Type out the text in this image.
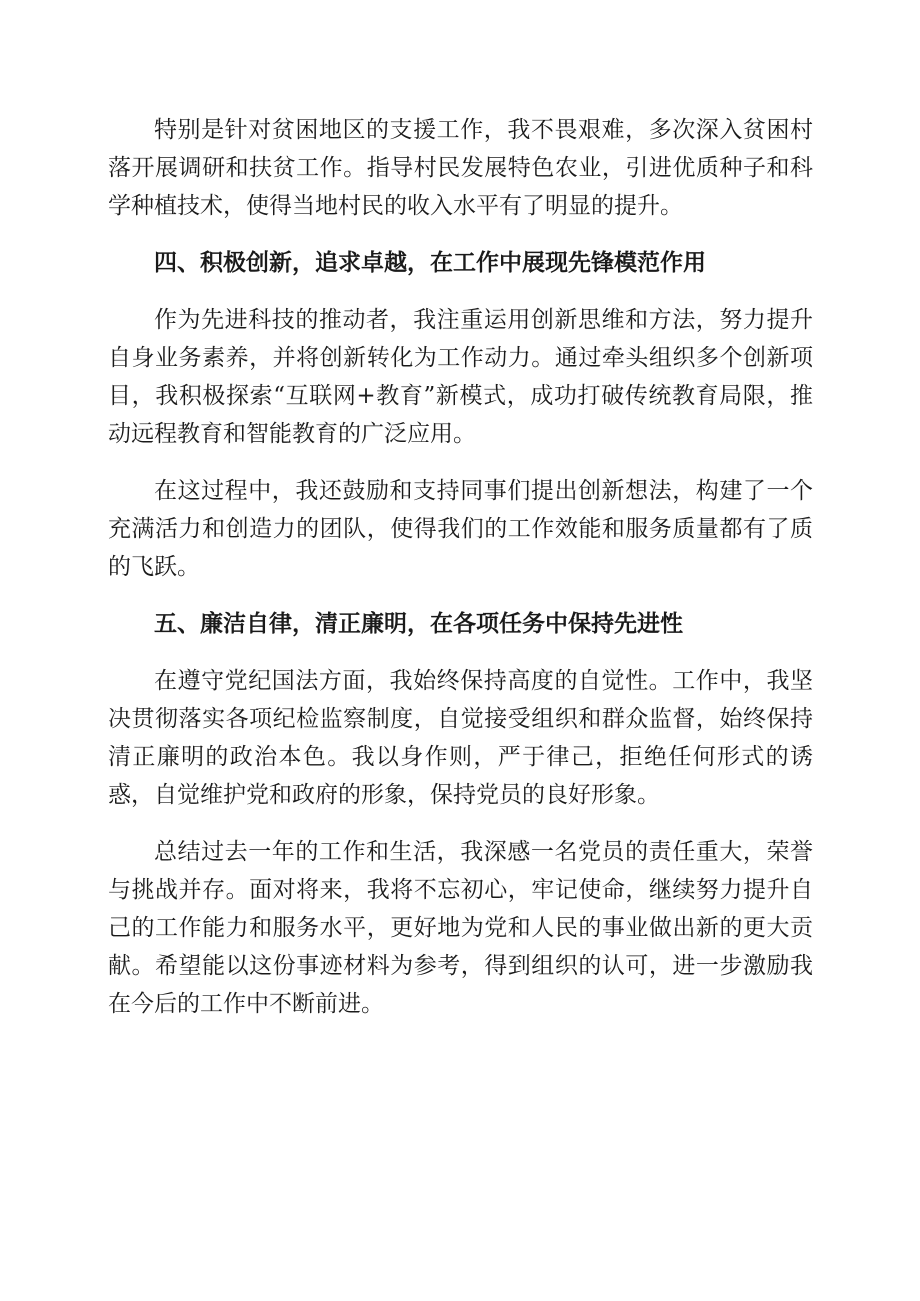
特别是针对贫困地区的支援工作，我不畏艰难，多次深入贫困村落开展调研和扶贫工作。指导村民发展特色农业，引进优质种子和科学种植技术，使得当地村民的收入水平有了明显的提升。

四、积极创新，追求卓越，在工作中展现先锋模范作用

作为先进科技的推动者，我注重运用创新思维和方法，努力提升自身业务素养，并将创新转化为工作动力。通过牵头组织多个创新项目，我积极探索“互联网+教育”新模式，成功打破传统教育局限，推动远程教育和智能教育的广泛应用。

在这过程中，我还鼓励和支持同事们提出创新想法，构建了一个充满活力和创造力的团队，使得我们的工作效能和服务质量都有了质的飞跃。

五、廉洁自律，清正廉明，在各项任务中保持先进性

在遵守党纪国法方面，我始终保持高度的自觉性。工作中，我坚决贯彻落实各项纪检监察制度，自觉接受组织和群众监督，始终保持清正廉明的政治本色。我以身作则，严于律己，拒绝任何形式的诱惑，自觉维护党和政府的形象，保持党员的良好形象。

总结过去一年的工作和生活，我深感一名党员的责任重大，荣誉与挑战并存。面对将来，我将不忘初心，牢记使命，继续努力提升自己的工作能力和服务水平，更好地为党和人民的事业做出新的更大贡献。希望能以这份事迹材料为参考，得到组织的认可，进一步激励我在今后的工作中不断前进。
